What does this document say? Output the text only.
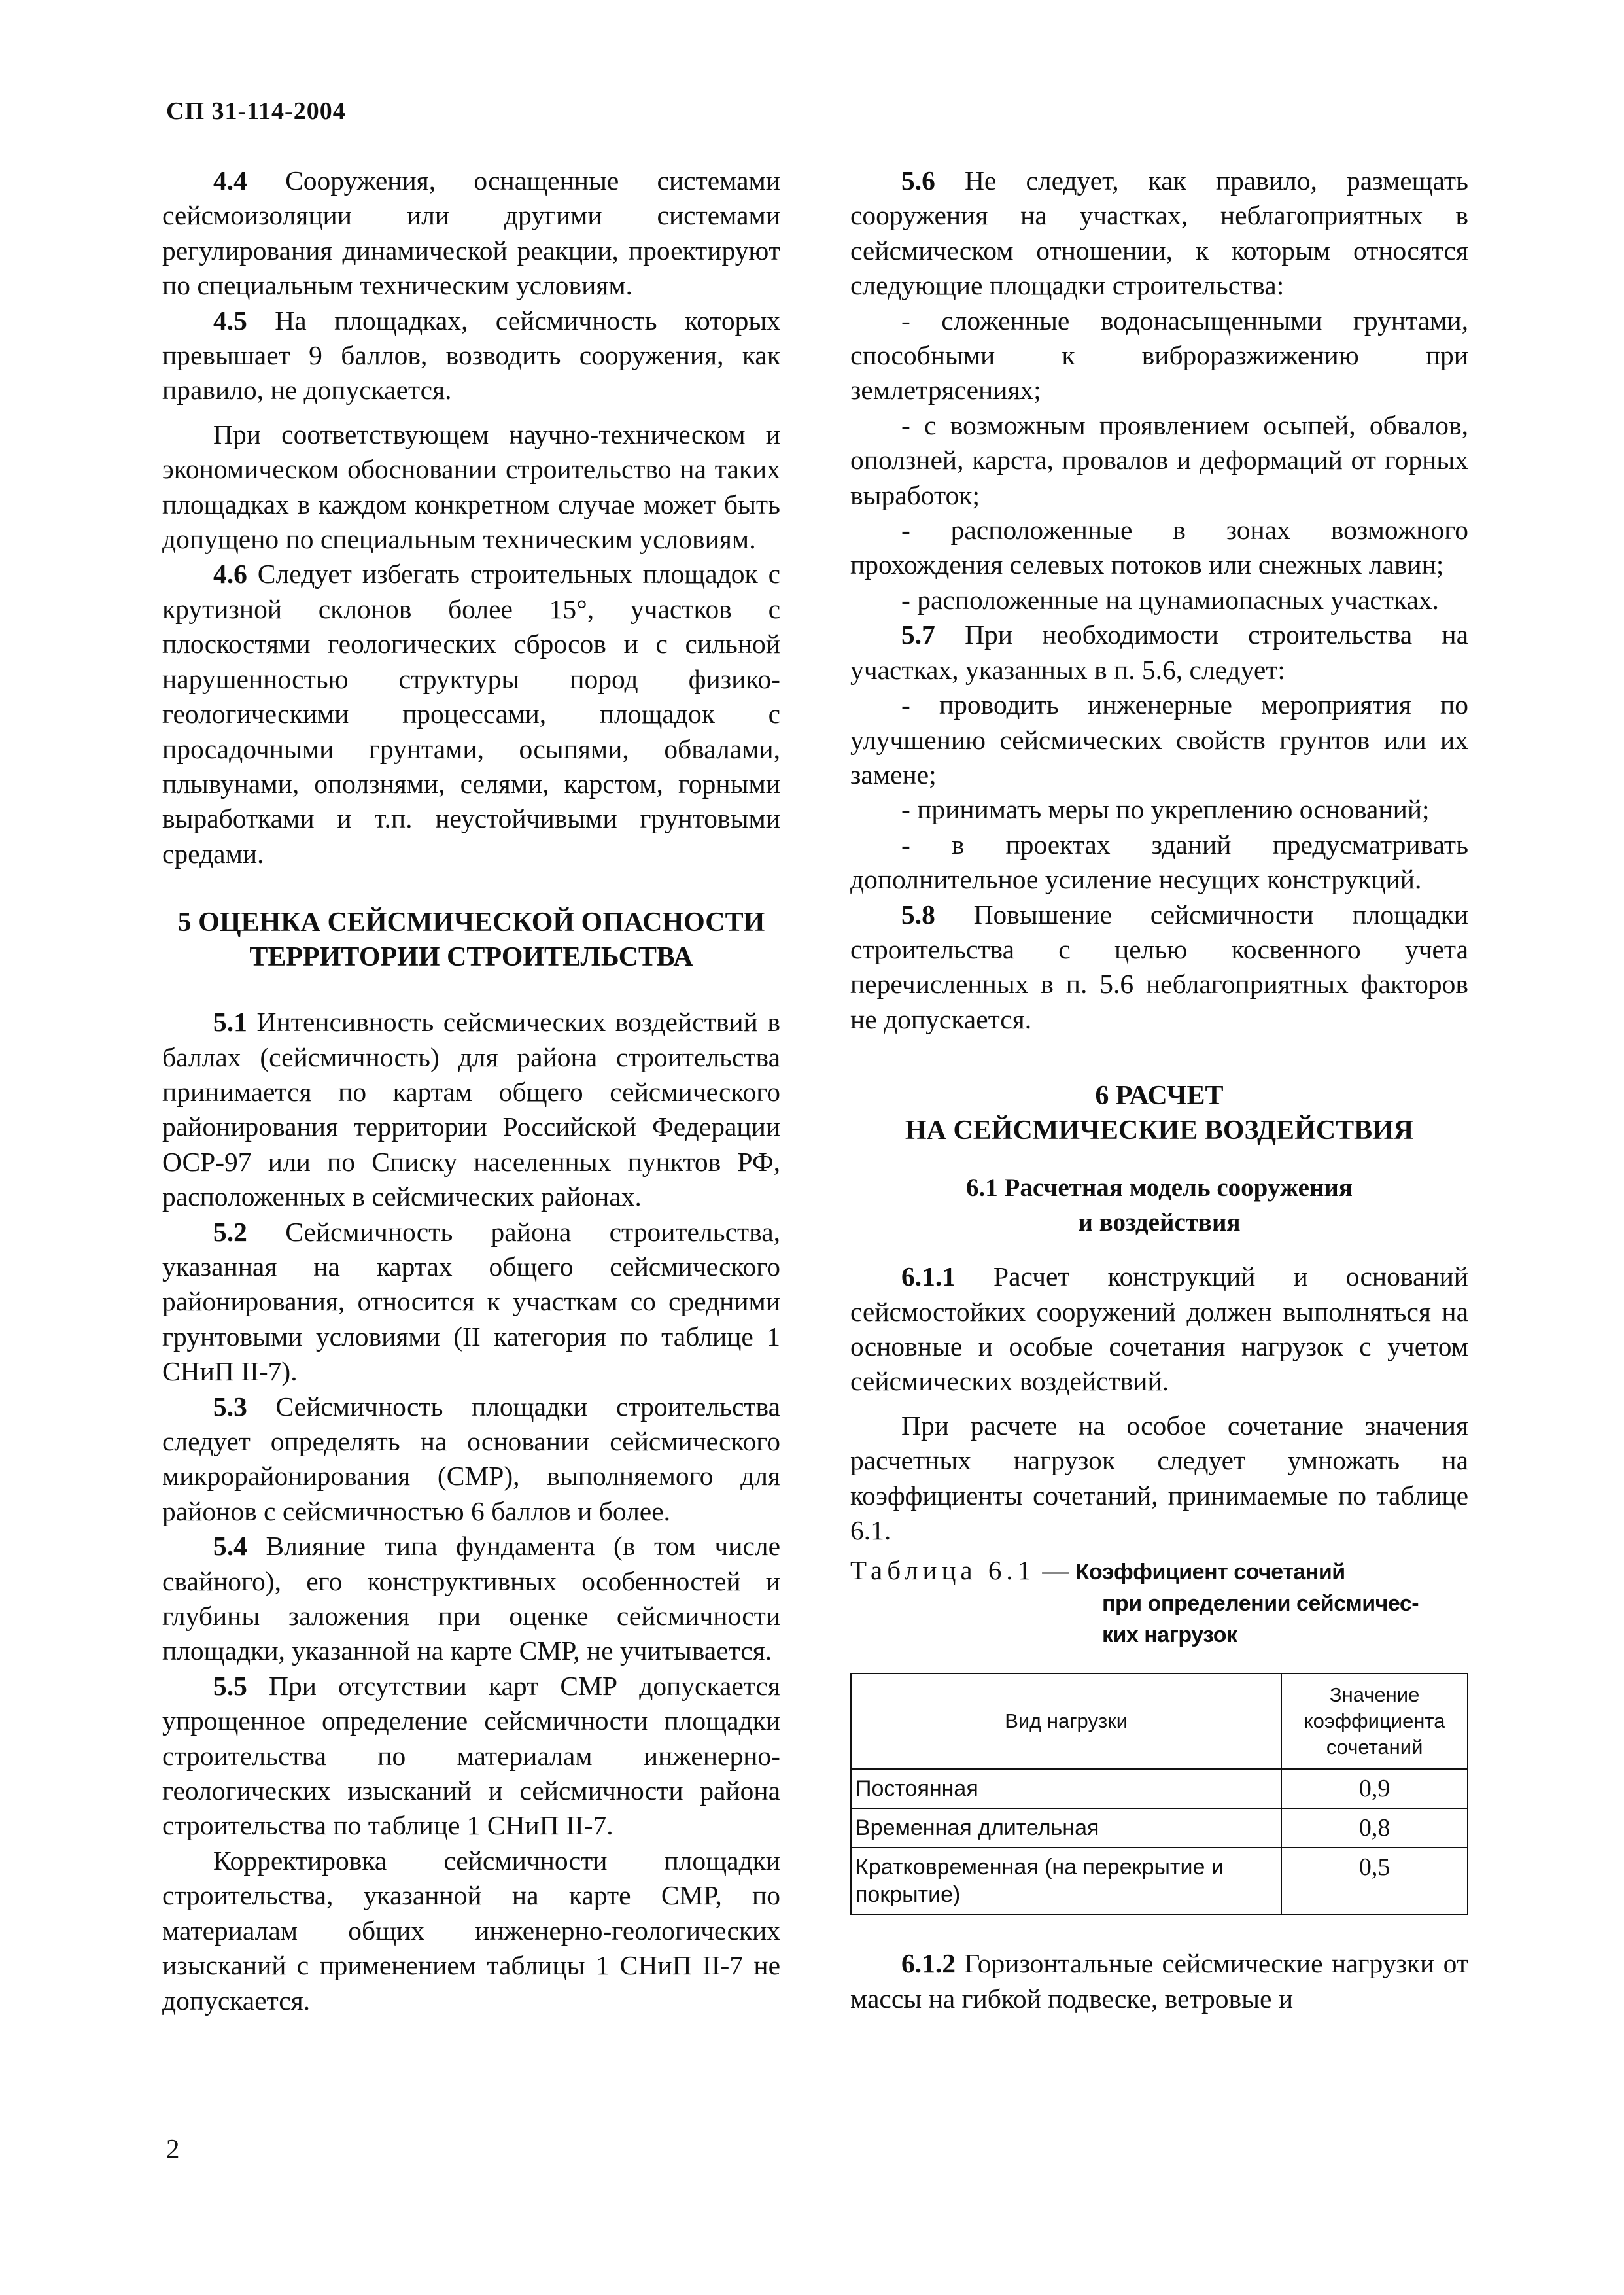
СП 31-114-2004

4.4 Сооружения, оснащенные системами сейсмоизоляции или другими системами регулирования динамической реакции, проектируют по специальным техническим условиям.

4.5 На площадках, сейсмичность которых превышает 9 баллов, возводить сооружения, как правило, не допускается.

При соответствующем научно-техническом и экономическом обосновании строительство на таких площадках в каждом конкретном случае может быть допущено по специальным техническим условиям.

4.6 Следует избегать строительных площадок с крутизной склонов более 15°, участков с плоскостями геологических сбросов и с сильной нарушенностью структуры пород физико-геологическими процессами, площадок с просадочными грунтами, осыпями, обвалами, плывунами, оползнями, селями, карстом, горными выработками и т.п. неустойчивыми грунтовыми средами.

5 ОЦЕНКА СЕЙСМИЧЕСКОЙ ОПАСНОСТИ

ТЕРРИТОРИИ СТРОИТЕЛЬСТВА

5.1 Интенсивность сейсмических воздействий в баллах (сейсмичность) для района строительства принимается по картам общего сейсмического районирования территории Российской Федерации ОСР-97 или по Списку населенных пунктов РФ, расположенных в сейсмических районах.

5.2 Сейсмичность района строительства, указанная на картах общего сейсмического районирования, относится к участкам со средними грунтовыми условиями (II категория по таблице 1 СНиП II-7).

5.3 Сейсмичность площадки строительства следует определять на основании сейсмического микрорайонирования (СМР), выполняемого для районов с сейсмичностью 6 баллов и более.

5.4 Влияние типа фундамента (в том числе свайного), его конструктивных особенностей и глубины заложения при оценке сейсмичности площадки, указанной на карте СМР, не учитывается.

5.5 При отсутствии карт СМР допускается упрощенное определение сейсмичности площадки строительства по материалам инженерно-геологических изысканий и сейсмичности района строительства по таблице 1 СНиП II-7.

Корректировка сейсмичности площадки строительства, указанной на карте СМР, по материалам общих инженерно-геологических изысканий с применением таблицы 1 СНиП II-7 не допускается.

5.6 Не следует, как правило, размещать сооружения на участках, неблагоприятных в сейсмическом отношении, к которым относятся следующие площадки строительства:

- сложенные водонасыщенными грунтами, способными к виброразжижению при землетрясениях;

- с возможным проявлением осыпей, обвалов, оползней, карста, провалов и деформаций от горных выработок;

- расположенные в зонах возможного прохождения селевых потоков или снежных лавин;

- расположенные на цунамиопасных участках.

5.7 При необходимости строительства на участках, указанных в п. 5.6, следует:

- проводить инженерные мероприятия по улучшению сейсмических свойств грунтов или их замене;

- принимать меры по укреплению оснований;

- в проектах зданий предусматривать дополнительное усиление несущих конструкций.

5.8 Повышение сейсмичности площадки строительства с целью косвенного учета перечисленных в п. 5.6 неблагоприятных факторов не допускается.

6 РАСЧЕТ

НА СЕЙСМИЧЕСКИЕ ВОЗДЕЙСТВИЯ

6.1 Расчетная модель сооружения

и воздействия

6.1.1 Расчет конструкций и оснований сейсмостойких сооружений должен выполняться на основные и особые сочетания нагрузок с учетом сейсмических воздействий.

При расчете на особое сочетание значения расчетных нагрузок следует умножать на коэффициенты сочетаний, принимаемые по таблице 6.1.

Таблица 6.1 — Коэффициент сочетаний
при определении сейсмичес-
ких нагрузок
Вид нагрузки	Значение коэффициента сочетаний
Постоянная	0,9
Временная длительная	0,8
Кратковременная (на перекрытие и покрытие)	0,5

6.1.2 Горизонтальные сейсмические нагрузки от массы на гибкой подвеске, ветровые и

2
